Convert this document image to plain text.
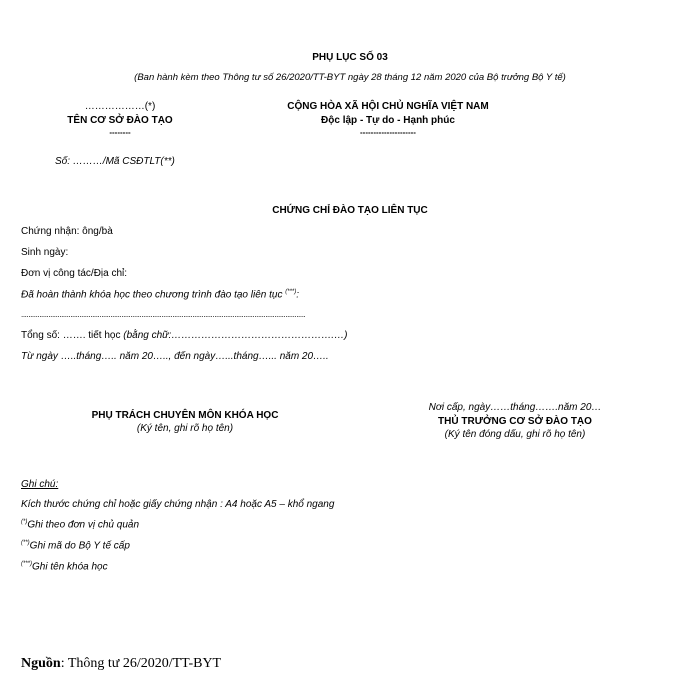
PHỤ LỤC SỐ 03
(Ban hành kèm theo Thông tư số 26/2020/TT-BYT ngày 28 tháng 12 năm 2020 của Bộ trưởng Bộ Y tế)
………………(*)
TÊN CƠ SỞ ĐÀO TẠO
--------
Số: ………/Mã CSĐTLT(**)
CỘNG HÒA XÃ HỘI CHỦ NGHĨA VIỆT NAM
Độc lập - Tự do - Hạnh phúc
---------------------
CHỨNG CHỈ ĐÀO TẠO LIÊN TỤC
Chứng nhận: ông/bà
Sinh ngày:
Đơn vị công tác/Địa chỉ:
Đã hoàn thành khóa học theo chương trình đào tạo liên tục (***):
............................................................................................................................................................
Tổng số: ……. tiết học (bằng chữ:………………………………………….…)
Từ ngày …..tháng….. năm 20….., đến ngày…...tháng…... năm 20…..
PHỤ TRÁCH CHUYÊN MÔN KHÓA HỌC
(Ký tên, ghi rõ họ tên)
Nơi cấp, ngày……tháng…….năm 20…
THỦ TRƯỞNG CƠ SỞ ĐÀO TẠO
(Ký tên đóng dấu, ghi rõ họ tên)
Ghi chú:
Kích thước chứng chỉ hoặc giấy chứng nhận : A4 hoặc A5 – khổ ngang
(*)Ghi theo đơn vị chủ quản
(**)Ghi mã do Bộ Y tế cấp
(***)Ghi tên khóa học
Nguồn: Thông tư 26/2020/TT-BYT
